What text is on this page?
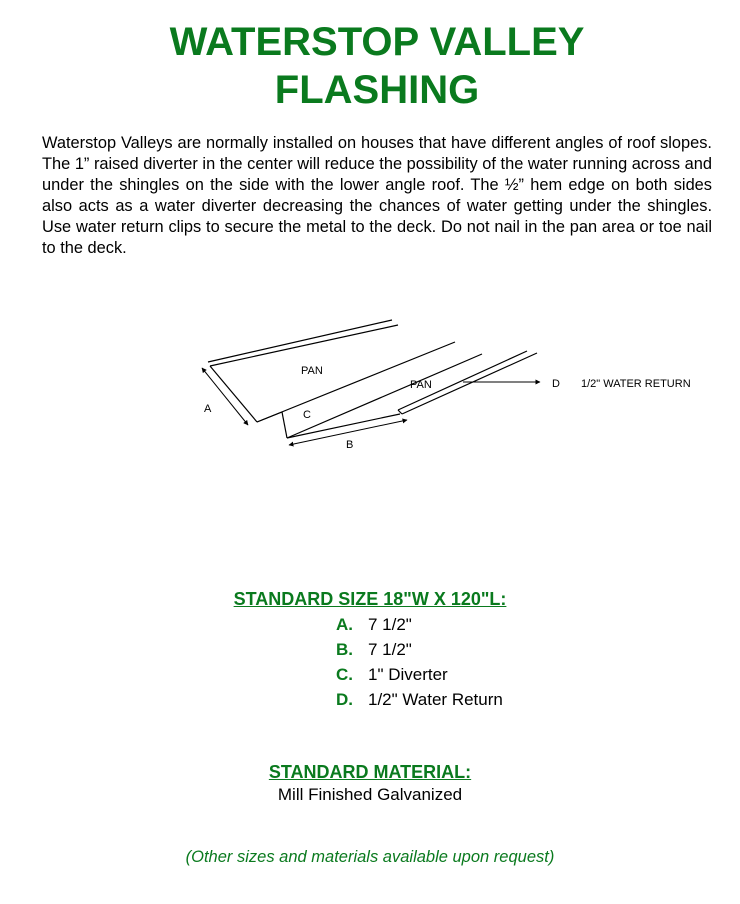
WATERSTOP VALLEY
FLASHING

Waterstop Valleys are normally installed on houses that have different angles of roof slopes. The 1” raised diverter in the center will reduce the possibility of the water running across and under the shingles on the side with the lower angle roof. The ½” hem edge on both sides also acts as a water diverter decreasing the chances of water getting under the shingles. Use water return clips to secure the metal to the deck. Do not nail in the pan area or toe nail to the deck.

PAN
PAN
A	C
B
D 1/2" WATER RETURN

STANDARD SIZE 18"W X 120"L:

A. 7 1/2"
B. 7 1/2"
C. 1" Diverter
D. 1/2" Water Return

STANDARD MATERIAL:

Mill Finished Galvanized

(Other sizes and materials available upon request)
